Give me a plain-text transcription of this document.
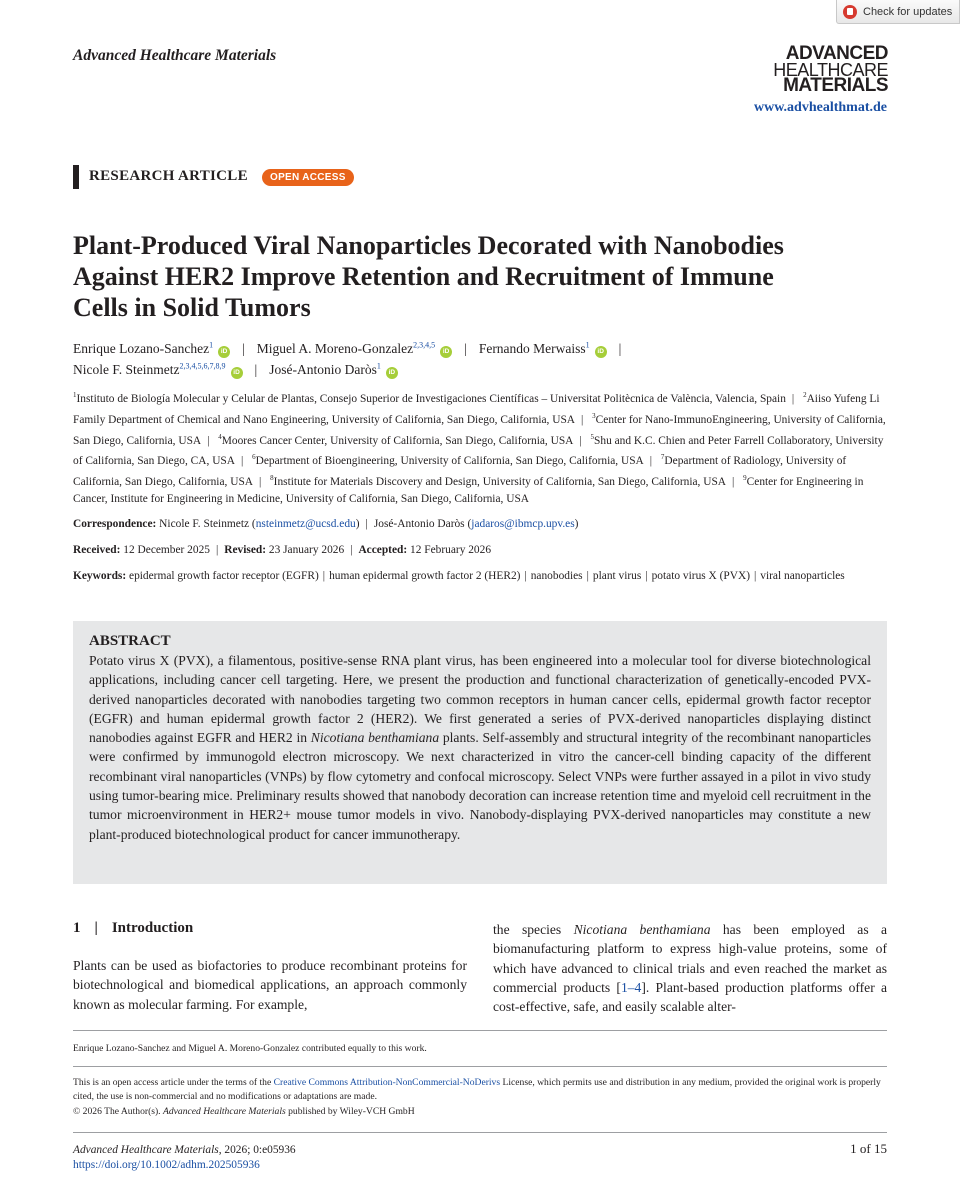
Check for updates
Advanced Healthcare Materials	ADVANCED
HEALTHCARE
MATERIALS
www.advhealthmat.de
RESEARCH ARTICLE	OPEN ACCESS
Plant-Produced Viral Nanoparticles Decorated with Nanobodies Against HER2 Improve Retention and Recruitment of Immune Cells in Solid Tumors
Enrique Lozano-Sanchez$^1$iD | Miguel A. Moreno-Gonzalez$^{2,3,4,5}$iD | Fernando Merwaiss$^1$iD |
Nicole F. Steinmetz$^{2,3,4,5,6,7,8,9}$iD | José-Antonio Daròs$^1$iD
$^1$Instituto de Biología Molecular y Celular de Plantas, Consejo Superior de Investigaciones Científicas – Universitat Politècnica de València, Valencia, Spain | $^2$Aiiso Yufeng Li Family Department of Chemical and Nano Engineering, University of California, San Diego, California, USA | $^3$Center for Nano-ImmunoEngineering, University of California, San Diego, California, USA | $^4$Moores Cancer Center, University of California, San Diego, California, USA | $^5$Shu and K.C. Chien and Peter Farrell Collaboratory, University of California, San Diego, CA, USA | $^6$Department of Bioengineering, University of California, San Diego, California, USA | $^7$Department of Radiology, University of California, San Diego, California, USA | $^8$Institute for Materials Discovery and Design, University of California, San Diego, California, USA | $^9$Center for Engineering in Cancer, Institute for Engineering in Medicine, University of California, San Diego, California, USA
Correspondence: Nicole F. Steinmetz (nsteinmetz@ucsd.edu) | José-Antonio Daròs (jadaros@ibmcp.upv.es)
Received: 12 December 2025 | Revised: 23 January 2026 | Accepted: 12 February 2026
Keywords: epidermal growth factor receptor (EGFR) | human epidermal growth factor 2 (HER2) | nanobodies | plant virus | potato virus X (PVX) | viral nanoparticles
ABSTRACT

Potato virus X (PVX), a filamentous, positive-sense RNA plant virus, has been engineered into a molecular tool for diverse biotechnological applications, including cancer cell targeting. Here, we present the production and functional characterization of genetically-encoded PVX-derived nanoparticles decorated with nanobodies targeting two common receptors in human cancer cells, epidermal growth factor receptor (EGFR) and human epidermal growth factor 2 (HER2). We first generated a series of PVX-derived nanoparticles displaying distinct nanobodies against EGFR and HER2 in Nicotiana benthamiana plants. Self-assembly and structural integrity of the recombinant nanoparticles were confirmed by immunogold electron microscopy. We next characterized in vitro the cancer-cell binding capacity of the different recombinant viral nanoparticles (VNPs) by flow cytometry and confocal microscopy. Select VNPs were further assayed in a pilot in vivo study using tumor-bearing mice. Preliminary results showed that nanobody decoration can increase retention time and myeloid cell recruitment in the tumor microenvironment in HER2+ mouse tumor models in vivo. Nanobody-displaying PVX-derived nanoparticles may constitute a new plant-produced biotechnological product for cancer immunotherapy.

1 | Introduction

Plants can be used as biofactories to produce recombinant proteins for biotechnological and biomedical applications, an approach commonly known as molecular farming. For example,

the species Nicotiana benthamiana has been employed as a biomanufacturing platform to express high-value proteins, some of which have advanced to clinical trials and even reached the market as commercial products [1–4]. Plant-based production platforms offer a cost-effective, safe, and easily scalable alter-

Enrique Lozano-Sanchez and Miguel A. Moreno-Gonzalez contributed equally to this work.
This is an open access article under the terms of the Creative Commons Attribution-NonCommercial-NoDerivs License, which permits use and distribution in any medium, provided the original work is properly cited, the use is non-commercial and no modifications or adaptations are made.
© 2026 The Author(s). Advanced Healthcare Materials published by Wiley-VCH GmbH
Advanced Healthcare Materials, 2026; 0:e05936
https://doi.org/10.1002/adhm.202505936
1 of 15
